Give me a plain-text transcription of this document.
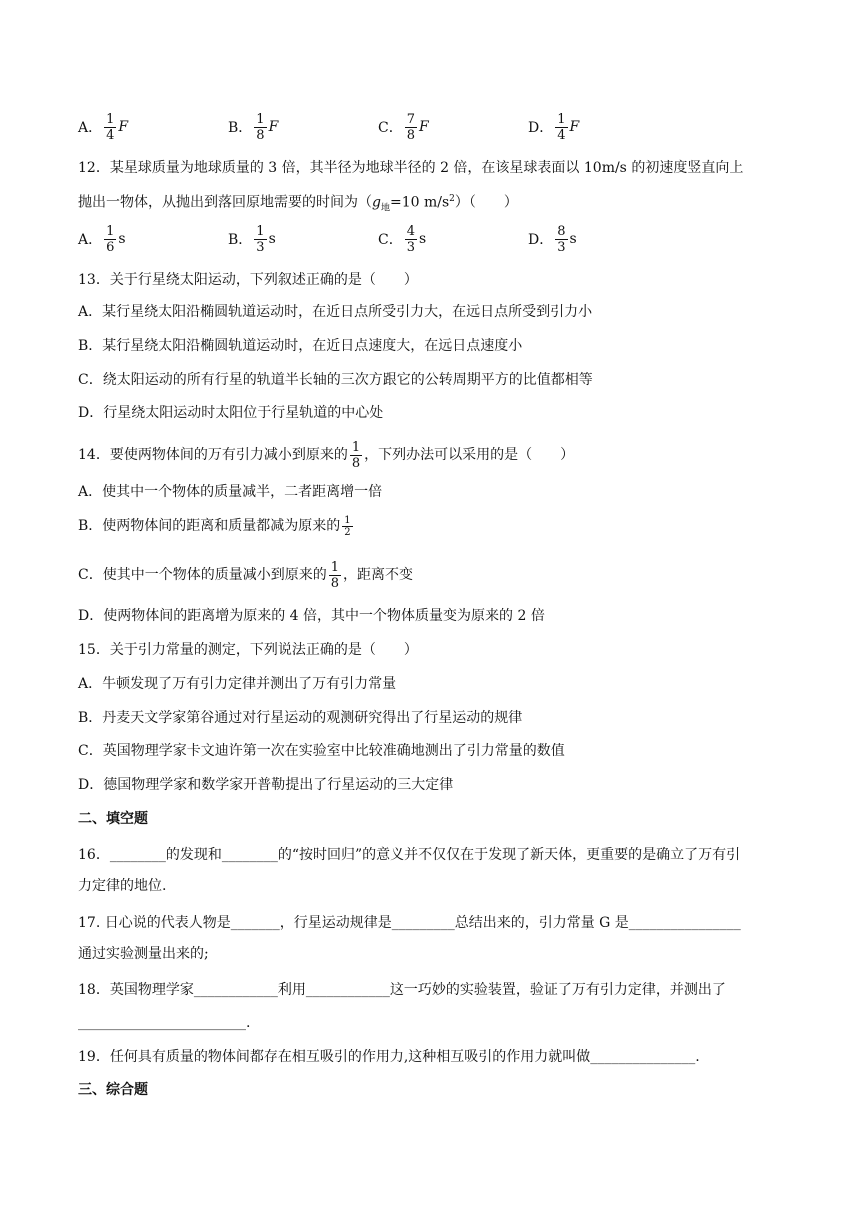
A． $\frac{1}{4}$ F	B． $\frac{1}{8}$ F	C． $\frac{7}{8}$ F	D． $\frac{1}{4}$ F
12．某星球质量为地球质量的 3 倍，其半径为地球半径的 2 倍，在该星球表面以 10m/s 的初速度竖直向上
抛出一物体，从抛出到落回原地需要的时间为（$g_地=10$ $m/s^2$）（　　）
A． $\frac{1}{6}$ s	B． $\frac{1}{3}$ s	C． $\frac{4}{3}$ s	D． $\frac{8}{3}$ s
13．关于行星绕太阳运动，下列叙述正确的是（　　）
A．某行星绕太阳沿椭圆轨道运动时，在近日点所受引力大，在远日点所受到引力小
B．某行星绕太阳沿椭圆轨道运动时，在近日点速度大，在远日点速度小
C．绕太阳运动的所有行星的轨道半长轴的三次方跟它的公转周期平方的比值都相等
D．行星绕太阳运动时太阳位于行星轨道的中心处
14．要使两物体间的万有引力减小到原来的 $\frac{1}{8}$ ，下列办法可以采用的是（　　）
A．使其中一个物体的质量减半，二者距离增一倍
B．使两物体间的距离和质量都减为原来的 $\frac{1}{2}$
C．使其中一个物体的质量减小到原来的 $\frac{1}{8}$ ，距离不变
D．使两物体间的距离增为原来的 4 倍，其中一个物体质量变为原来的 2 倍
15．关于引力常量的测定，下列说法正确的是（　　）
A．牛顿发现了万有引力定律并测出了万有引力常量
B．丹麦天文学家第谷通过对行星运动的观测研究得出了行星运动的规律
C．英国物理学家卡文迪许第一次在实验室中比较准确地测出了引力常量的数值
D．德国物理学家和数学家开普勒提出了行星运动的三大定律
二、填空题
16．________的发现和________的“按时回归”的意义并不仅仅在于发现了新天体，更重要的是确立了万有引
力定律的地位.
17. 日心说的代表人物是_______，行星运动规律是_________总结出来的，引力常量 G 是________________
通过实验测量出来的;
18．英国物理学家____________利用____________这一巧妙的实验装置，验证了万有引力定律，并测出了
________________________.
19．任何具有质量的物体间都存在相互吸引的作用力,这种相互吸引的作用力就叫做_______________.
三、综合题
